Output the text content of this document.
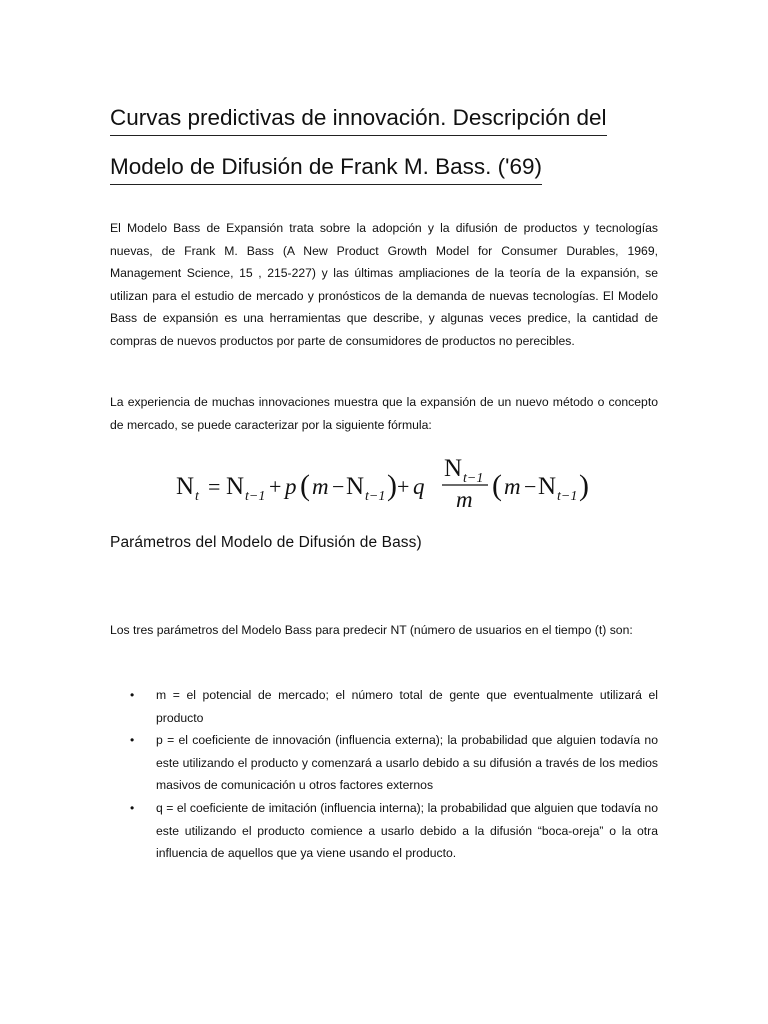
Curvas predictivas de innovación. Descripción del
Modelo de Difusión de Frank M. Bass. ('69)

El Modelo Bass de Expansión trata sobre la adopción y la difusión de productos y tecnologías nuevas, de Frank M. Bass (A New Product Growth Model for Consumer Durables, 1969, Management Science, 15 , 215-227) y las últimas ampliaciones de la teoría de la expansión, se utilizan para el estudio de mercado y pronósticos de la demanda de nuevas tecnologías. El Modelo Bass de expansión es una herramientas que describe, y algunas veces predice, la cantidad de compras de nuevos productos por parte de consumidores de productos no perecibles.

La experiencia de muchas innovaciones muestra que la expansión de un nuevo método o concepto de mercado, se puede caracterizar por la siguiente fórmula:

N t = N t−1 + p ( m − N t−1 ) + q
N t−1
m ( m − N t−1 )
Parámetros del Modelo de Difusión de Bass)

Los tres parámetros del Modelo Bass para predecir NT (número de usuarios en el tiempo (t) son:

• m = el potencial de mercado; el número total de gente que eventualmente utilizará el producto
• p = el coeficiente de innovación (influencia externa); la probabilidad que alguien todavía no este utilizando el producto y comenzará a usarlo debido a su difusión a través de los medios masivos de comunicación u otros factores externos
• q = el coeficiente de imitación (influencia interna); la probabilidad que alguien que todavía no este utilizando el producto comience a usarlo debido a la difusión “boca-oreja” o la otra influencia de aquellos que ya viene usando el producto.
